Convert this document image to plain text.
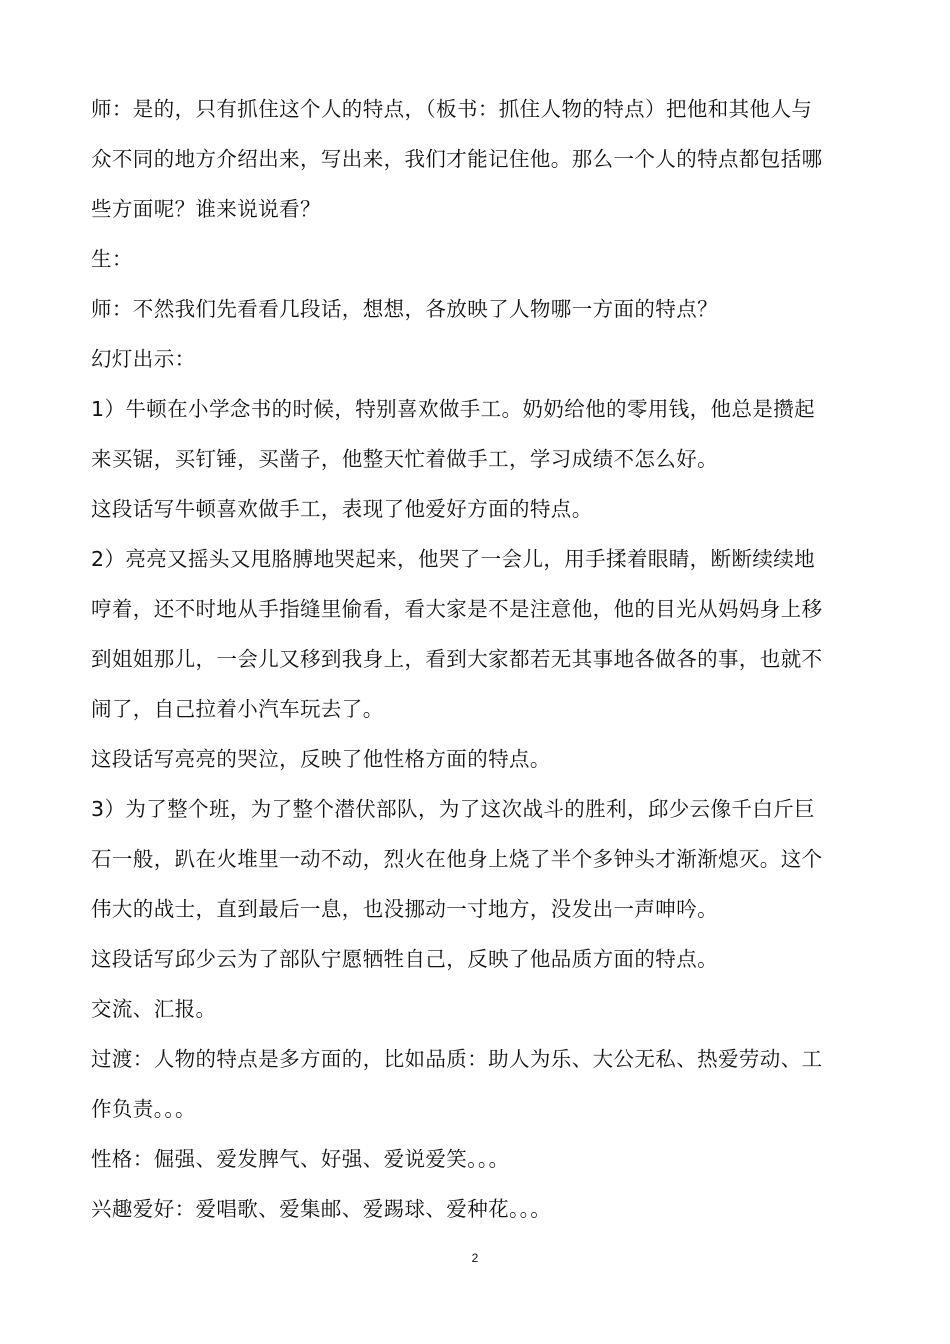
师：是的，只有抓住这个人的特点，（板书：抓住人物的特点）把他和其他人与
众不同的地方介绍出来，写出来，我们才能记住他。那么一个人的特点都包括哪
些方面呢？谁来说说看？
生：
师：不然我们先看看几段话，想想，各放映了人物哪一方面的特点？
幻灯出示：
1）牛顿在小学念书的时候，特别喜欢做手工。奶奶给他的零用钱，他总是攒起
来买锯，买钉锤，买凿子，他整天忙着做手工，学习成绩不怎么好。
这段话写牛顿喜欢做手工，表现了他爱好方面的特点。
2）亮亮又摇头又甩胳膊地哭起来，他哭了一会儿，用手揉着眼睛，断断续续地
哼着，还不时地从手指缝里偷看，看大家是不是注意他，他的目光从妈妈身上移
到姐姐那儿，一会儿又移到我身上，看到大家都若无其事地各做各的事，也就不
闹了，自己拉着小汽车玩去了。
这段话写亮亮的哭泣，反映了他性格方面的特点。
3）为了整个班，为了整个潜伏部队，为了这次战斗的胜利，邱少云像千白斤巨
石一般，趴在火堆里一动不动，烈火在他身上烧了半个多钟头才渐渐熄灭。这个
伟大的战士，直到最后一息，也没挪动一寸地方，没发出一声呻吟。
这段话写邱少云为了部队宁愿牺牲自己，反映了他品质方面的特点。
交流、汇报。
过渡：人物的特点是多方面的，比如品质：助人为乐、大公无私、热爱劳动、工
作负责。。。
性格：倔强、爱发脾气、好强、爱说爱笑。。。
兴趣爱好：爱唱歌、爱集邮、爱踢球、爱种花。。。
2
